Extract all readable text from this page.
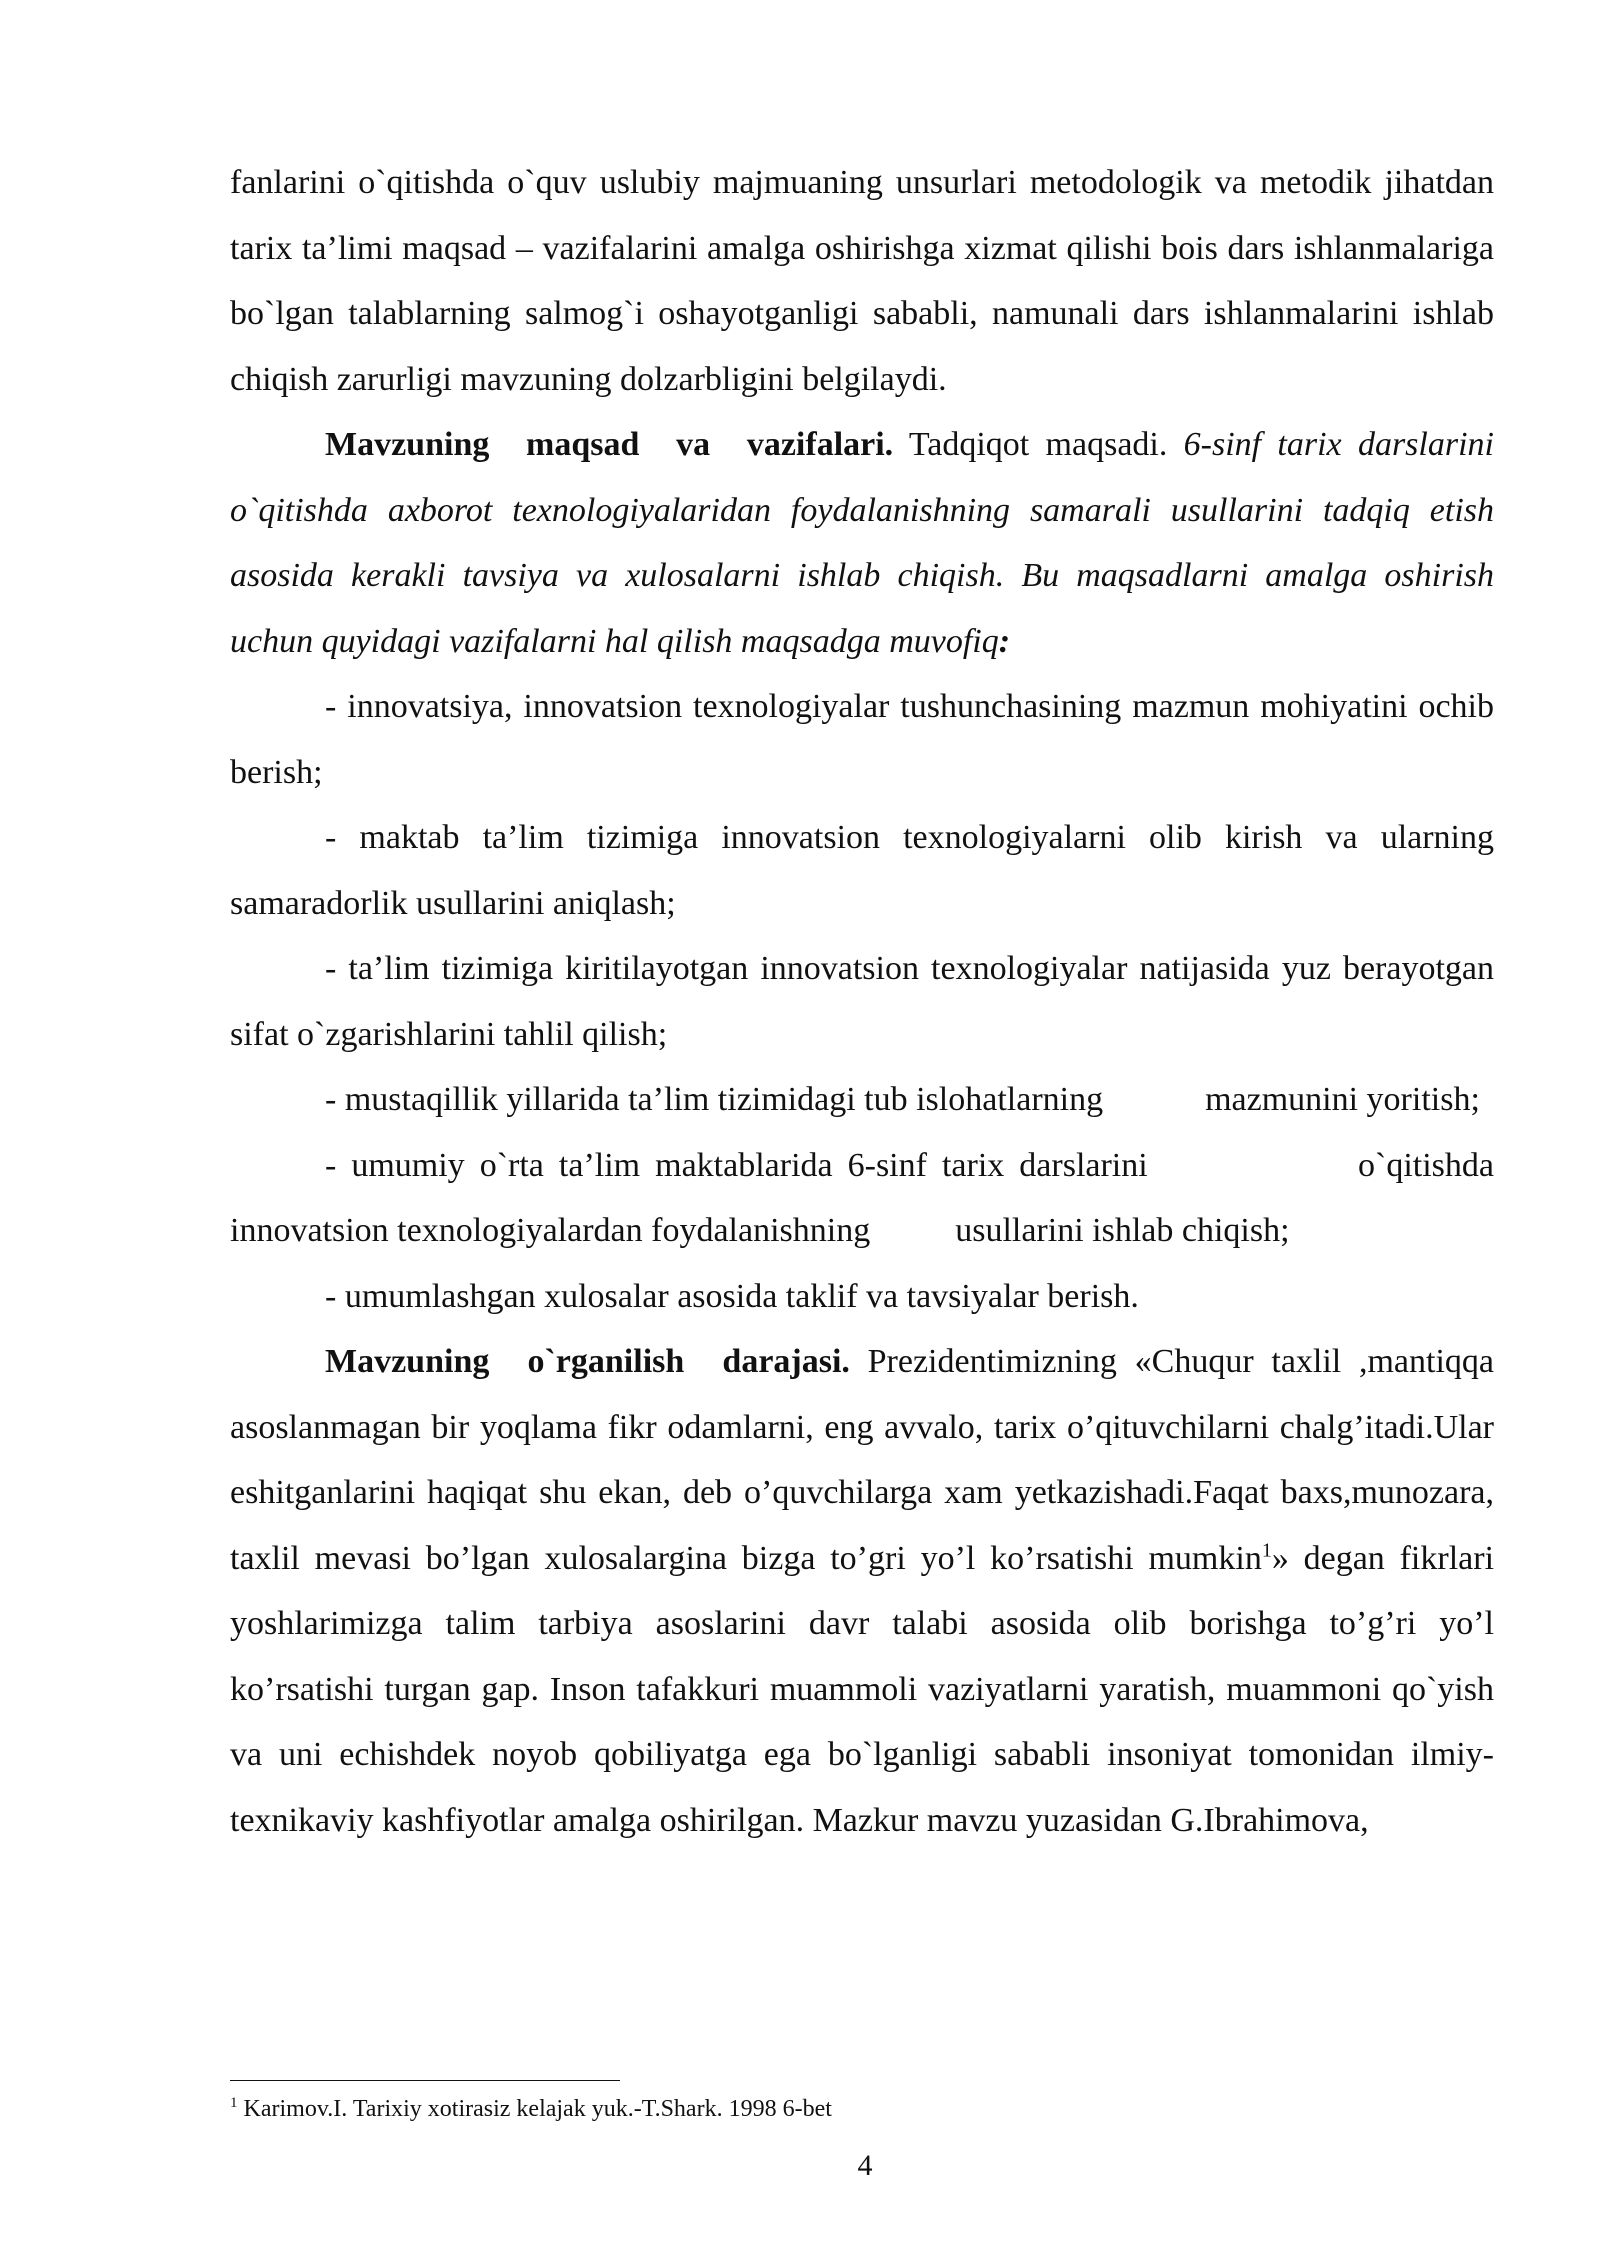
fanlarini o`qitishda o`quv uslubiy majmuaning unsurlari metodologik va metodik jihatdan tarix ta’limi maqsad – vazifalarini amalga oshirishga xizmat qilishi bois dars ishlanmalariga bo`lgan talablarning salmog`i oshayotganligi sababli, namunali dars ishlanmalarini ishlab chiqish zarurligi mavzuning dolzarbligini belgilaydi.

Mavzuning maqsad va vazifalari. Tadqiqot maqsadi. 6-sinf tarix darslarini o`qitishda axborot texnologiyalaridan foydalanishning samarali usullarini tadqiq etish asosida kerakli tavsiya va xulosalarni ishlab chiqish. Bu maqsadlarni amalga oshirish uchun quyidagi vazifalarni hal qilish maqsadga muvofiq:

- innovatsiya, innovatsion texnologiyalar tushunchasining mazmun mohiyatini ochib berish;

- maktab ta’lim tizimiga innovatsion texnologiyalarni olib kirish va ularning samaradorlik usullarini aniqlash;

- ta’lim tizimiga kiritilayotgan innovatsion texnologiyalar natijasida yuz berayotgan sifat o`zgarishlarini tahlil qilish;

- mustaqillik yillarida ta’lim tizimidagi tub islohatlarning            mazmunini yoritish;

- umumiy o`rta ta’lim maktablarida 6-sinf tarix darslarini              o`qitishda innovatsion texnologiyalardan foydalanishning          usullarini ishlab chiqish;

- umumlashgan xulosalar asosida taklif va tavsiyalar berish.

Mavzuning o`rganilish darajasi. Prezidentimizning «Chuqur taxlil ,mantiqqa asoslanmagan bir yoqlama fikr odamlarni, eng avvalo, tarix o’qituvchilarni chalg’itadi.Ular eshitganlarini haqiqat shu ekan, deb o’quvchilarga xam yetkazishadi.Faqat baxs,munozara, taxlil mevasi bo’lgan xulosalargina bizga to’gri yo’l ko’rsatishi mumkin$^1$» degan fikrlari yoshlarimizga talim tarbiya asoslarini davr talabi asosida olib borishga to’g’ri yo’l ko’rsatishi turgan gap. Inson tafakkuri muammoli vaziyatlarni yaratish, muammoni qo`yish va uni echishdek noyob qobiliyatga ega bo`lganligi sababli insoniyat tomonidan ilmiy- texnikaviy kashfiyotlar amalga oshirilgan. Mazkur mavzu yuzasidan G.Ibrahimova,

$^1$ Karimov.I. Tarixiy xotirasiz kelajak yuk.-T.Shark. 1998 6-bet
4
